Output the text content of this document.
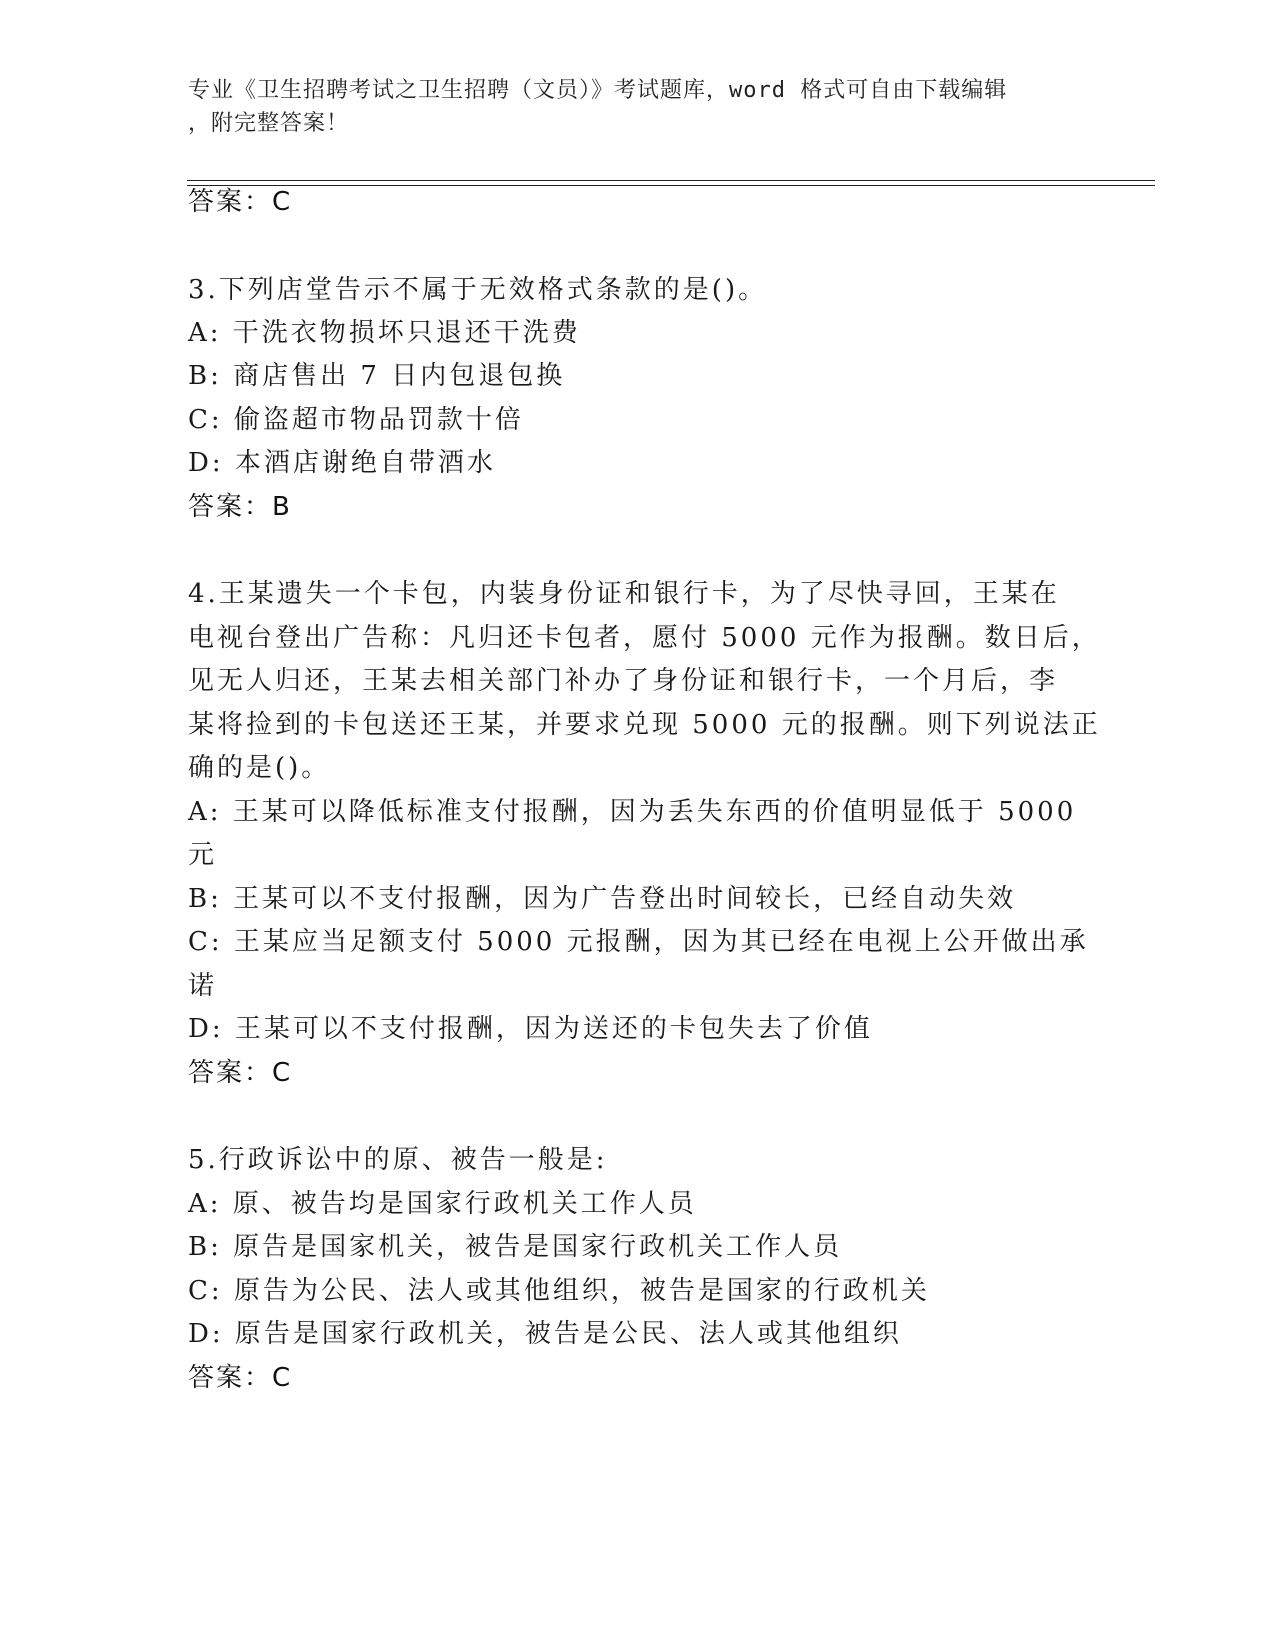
专业《卫生招聘考试之卫生招聘（文员）》考试题库，word 格式可自由下载编辑
，附完整答案！
答案：C
3.下列店堂告示不属于无效格式条款的是()。
A: 干洗衣物损坏只退还干洗费
B: 商店售出 7 日内包退包换
C: 偷盗超市物品罚款十倍
D: 本酒店谢绝自带酒水
答案：B
4.王某遗失一个卡包，内装身份证和银行卡，为了尽快寻回，王某在
电视台登出广告称：凡归还卡包者，愿付 5000 元作为报酬。数日后，
见无人归还，王某去相关部门补办了身份证和银行卡，一个月后，李
某将捡到的卡包送还王某，并要求兑现 5000 元的报酬。则下列说法正
确的是()。
A: 王某可以降低标准支付报酬，因为丢失东西的价值明显低于 5000
元
B: 王某可以不支付报酬，因为广告登出时间较长，已经自动失效
C: 王某应当足额支付 5000 元报酬，因为其已经在电视上公开做出承
诺
D: 王某可以不支付报酬，因为送还的卡包失去了价值
答案：C
5.行政诉讼中的原、被告一般是:
A: 原、被告均是国家行政机关工作人员
B: 原告是国家机关，被告是国家行政机关工作人员
C: 原告为公民、法人或其他组织，被告是国家的行政机关
D: 原告是国家行政机关，被告是公民、法人或其他组织
答案：C
